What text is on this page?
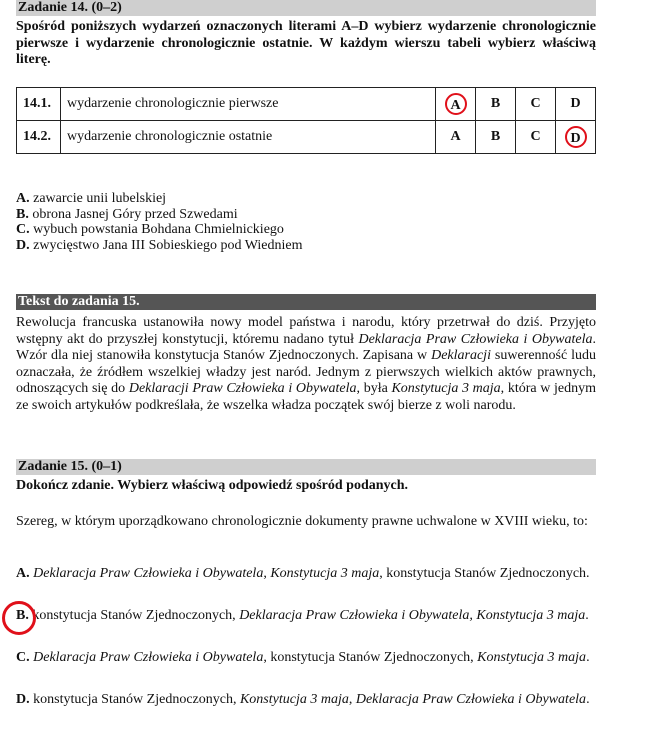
Zadanie 14. (0–2)

Spośród poniższych wydarzeń oznaczonych literami A–D wybierz wydarzenie chronologicznie pierwsze i wydarzenie chronologicznie ostatnie. W każdym wierszu tabeli wybierz właściwą literę.

14.1.	wydarzenie chronologicznie pierwsze	A	B	C	D
14.2.	wydarzenie chronologicznie ostatnie	A	B	C	D
A. zawarcie unii lubelskiej
B. obrona Jasnej Góry przed Szwedami
C. wybuch powstania Bohdana Chmielnickiego
D. zwycięstwo Jana III Sobieskiego pod Wiedniem
Tekst do zadania 15.

Rewolucja francuska ustanowiła nowy model państwa i narodu, który przetrwał do dziś. Przyjęto wstępny akt do przyszłej konstytucji, któremu nadano tytuł Deklaracja Praw Człowieka i Obywatela. Wzór dla niej stanowiła konstytucja Stanów Zjednoczonych. Zapisana w Deklaracji suwerenność ludu oznaczała, że źródłem wszelkiej władzy jest naród. Jednym z pierwszych wielkich aktów prawnych, odnoszących się do Deklaracji Praw Człowieka i Obywatela, była Konstytucja 3 maja, która w jednym ze swoich artykułów podkreślała, że wszelka władza początek swój bierze z woli narodu.

Zadanie 15. (0–1)

Dokończ zdanie. Wybierz właściwą odpowiedź spośród podanych.

Szereg, w którym uporządkowano chronologicznie dokumenty prawne uchwalone w XVIII wieku, to:

A. Deklaracja Praw Człowieka i Obywatela, Konstytucja 3 maja, konstytucja Stanów Zjednoczonych.
B. konstytucja Stanów Zjednoczonych, Deklaracja Praw Człowieka i Obywatela, Konstytucja 3 maja.
C. Deklaracja Praw Człowieka i Obywatela, konstytucja Stanów Zjednoczonych, Konstytucja 3 maja.
D. konstytucja Stanów Zjednoczonych, Konstytucja 3 maja, Deklaracja Praw Człowieka i Obywatela.
